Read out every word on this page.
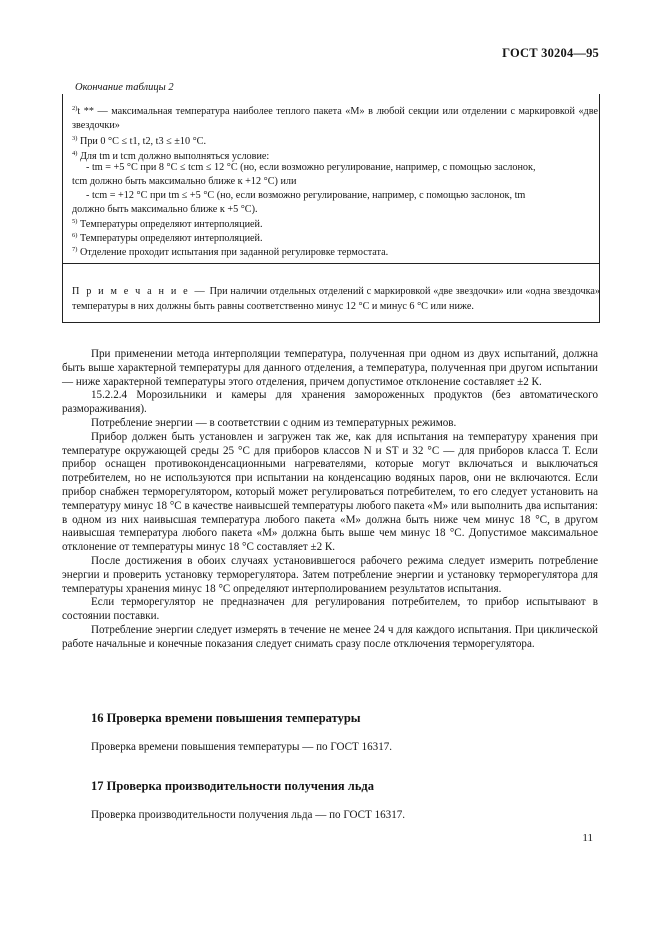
ГОСТ 30204—95
Окончание таблицы 2
$^{2)}$t ** — максимальная температура наиболее теплого пакета «М» в любой секции или отделении с маркировкой «две звездочки»
$^{3)}$ При 0 °С ≤ t1, t2, t3 ≤ ±10 °С.
$^{4)}$ Для tm и tcm должно выполняться условие:
- tm = +5 °С при 8 °С ≤ tcm ≤ 12 °С (но, если возможно регулирование, например, с помощью заслонок,
tcm должно быть максимально ближе к +12 °С) или
- tcm = +12 °С при tm ≤ +5 °С (но, если возможно регулирование, например, с помощью заслонок, tm
должно быть максимально ближе к +5 °С).
$^{5)}$ Температуры определяют интерполяцией.
$^{6)}$ Температуры определяют интерполяцией.
$^{7)}$ Отделение проходит испытания при заданной регулировке термостата.
П р и м е ч а н и е — При наличии отдельных отделений с маркировкой «две звездочки» или «одна звездочка» температуры в них должны быть равны соответственно минус 12 °С и минус 6 °С или ниже.

При применении метода интерполяции температура, полученная при одном из двух испытаний, должна быть выше характерной температуры для данного отделения, а температура, полученная при другом испытании — ниже характерной температуры этого отделения, причем допустимое отклонение составляет ±2 К.

15.2.2.4 Морозильники и камеры для хранения замороженных продуктов (без автоматического размораживания).

Потребление энергии — в соответствии с одним из температурных режимов.

Прибор должен быть установлен и загружен так же, как для испытания на температуру хранения при температуре окружающей среды 25 °С для приборов классов N и ST и 32 °С — для приборов класса Т. Если прибор оснащен противоконденсационными нагревателями, которые могут включаться и выключаться потребителем, но не используются при испытании на конденсацию водяных паров, они не включаются. Если прибор снабжен терморегулятором, который может регулироваться потребителем, то его следует установить на температуру минус 18 °С в качестве наивысшей температуры любого пакета «М» или выполнить два испытания: в одном из них наивысшая температура любого пакета «М» должна быть ниже чем минус 18 °С, в другом наивысшая температура любого пакета «М» должна быть выше чем минус 18 °С. Допустимое максимальное отклонение от температуры минус 18 °С составляет ±2 К.

После достижения в обоих случаях установившегося рабочего режима следует измерить потребление энергии и проверить установку терморегулятора. Затем потребление энергии и установку терморегулятора для температуры хранения минус 18 °С определяют интерполированием результатов испытания.

Если терморегулятор не предназначен для регулирования потребителем, то прибор испытывают в состоянии поставки.

Потребление энергии следует измерять в течение не менее 24 ч для каждого испытания. При циклической работе начальные и конечные показания следует снимать сразу после отключения терморегулятора.

16 Проверка времени повышения температуры
Проверка времени повышения температуры — по ГОСТ 16317.
17 Проверка производительности получения льда
Проверка производительности получения льда — по ГОСТ 16317.
11
